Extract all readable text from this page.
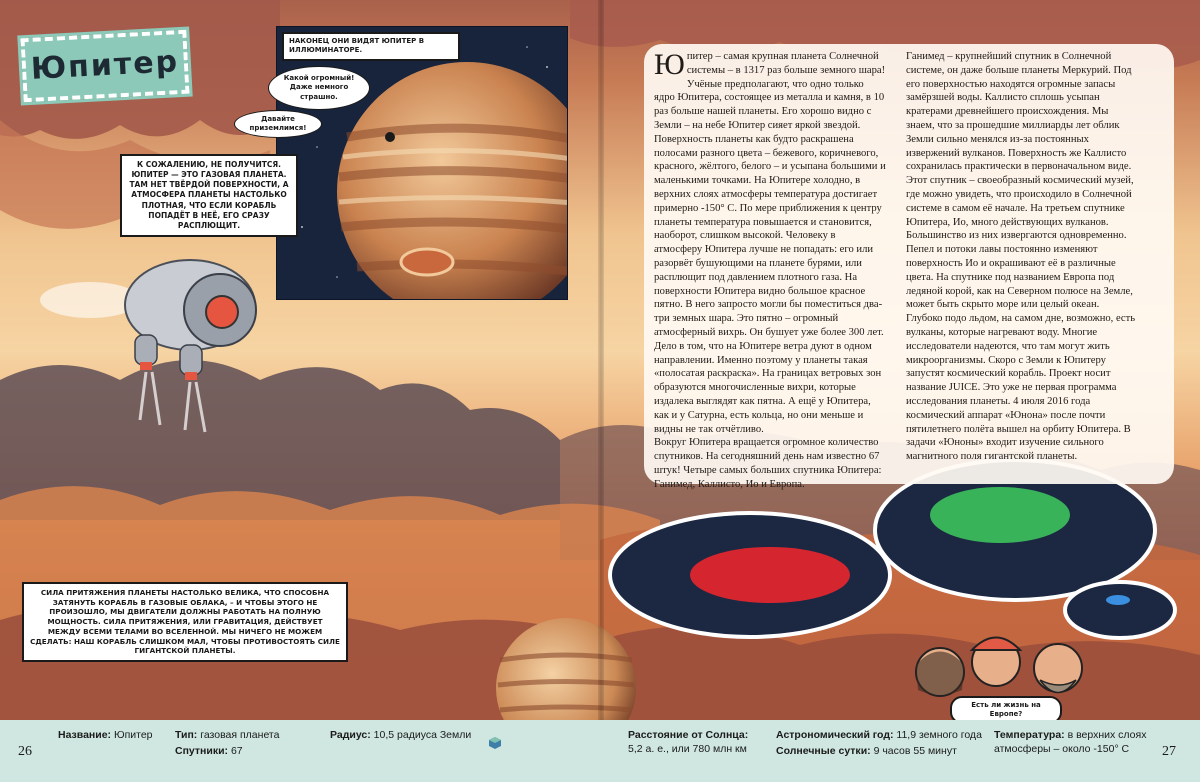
Юпитер
НАКОНЕЦ ОНИ ВИДЯТ ЮПИТЕР В ИЛЛЮМИНАТОРЕ.
Какой огромный! Даже немного страшно.
Давайте приземлимся!
К СОЖАЛЕНИЮ, НЕ ПОЛУЧИТСЯ. ЮПИТЕР — ЭТО ГАЗОВАЯ ПЛАНЕТА. ТАМ НЕТ ТВЁРДОЙ ПОВЕРХНОСТИ, А АТМОСФЕРА ПЛАНЕТЫ НАСТОЛЬКО ПЛОТНАЯ, ЧТО ЕСЛИ КОРАБЛЬ ПОПАДЁТ В НЕЁ, ЕГО СРАЗУ РАСПЛЮЩИТ.
СИЛА ПРИТЯЖЕНИЯ ПЛАНЕТЫ НАСТОЛЬКО ВЕЛИКА, ЧТО СПОСОБНА ЗАТЯНУТЬ КОРАБЛЬ В ГАЗОВЫЕ ОБЛАКА, – И ЧТОБЫ ЭТОГО НЕ ПРОИЗОШЛО, МЫ ДВИГАТЕЛИ ДОЛЖНЫ РАБОТАТЬ НА ПОЛНУЮ МОЩНОСТЬ. СИЛА ПРИТЯЖЕНИЯ, ИЛИ ГРАВИТАЦИЯ, ДЕЙСТВУЕТ МЕЖДУ ВСЕМИ ТЕЛАМИ ВО ВСЕЛЕННОЙ. МЫ НИЧЕГО НЕ МОЖЕМ СДЕЛАТЬ: НАШ КОРАБЛЬ СЛИШКОМ МАЛ, ЧТОБЫ ПРОТИВОСТОЯТЬ СИЛЕ ГИГАНТСКОЙ ПЛАНЕТЫ.
Есть ли жизнь на Европе?
Ю питер – самая крупная планета Солнечной системы – в 1317 раз больше земного шара! Учёные предполагают, что одно только ядро Юпитера, состоящее из металла и камня, в 10 раз больше нашей планеты. Его хорошо видно с Земли – на небе Юпитер сияет яркой звездой. Поверхность планеты как будто раскрашена полосами разного цвета – бежевого, коричневого, красного, жёлтого, белого – и усыпана большими и маленькими точками. На Юпитере холодно, в верхних слоях атмосферы температура достигает примерно -150° С. По мере приближения к центру планеты температура повышается и становится, наоборот, слишком высокой. Человеку в атмосферу Юпитера лучше не попадать: его или разорвёт бушующими на планете бурями, или расплющит под давлением плотного газа. На поверхности Юпитера видно большое красное пятно. В него запросто могли бы поместиться два-три земных шара. Это пятно – огромный атмосферный вихрь. Он бушует уже более 300 лет. Дело в том, что на Юпитере ветра дуют в одном направлении. Именно поэтому у планеты такая «полосатая раскраска». На границах ветровых зон образуются многочисленные вихри, которые издалека выглядят как пятна. А ещё у Юпитера, как и у Сатурна, есть кольца, но они меньше и видны не так отчётливо.

Вокруг Юпитера вращается огромное количество спутников. На сегодняшний день нам известно 67 штук! Четыре самых больших спутника Юпитера: Ганимед, Каллисто, Ио и Европа.

Ганимед – крупнейший спутник в Солнечной системе, он даже больше планеты Меркурий. Под его поверхностью находятся огромные запасы замёрзшей воды. Каллисто сплошь усыпан кратерами древнейшего происхождения. Мы знаем, что за прошедшие миллиарды лет облик Земли сильно менялся из-за постоянных извержений вулканов. Поверхность же Каллисто сохранилась практически в первоначальном виде. Этот спутник – своеобразный космический музей, где можно увидеть, что происходило в Солнечной системе в самом её начале. На третьем спутнике Юпитера, Ио, много действующих вулканов. Большинство из них извергаются одновременно. Пепел и потоки лавы постоянно изменяют поверхность Ио и окрашивают её в различные цвета. На спутнике под названием Европа под ледяной корой, как на Северном полюсе на Земле, может быть скрыто море или целый океан. Глубоко подо льдом, на самом дне, возможно, есть вулканы, которые нагревают воду. Многие исследователи надеются, что там могут жить микроорганизмы. Скоро с Земли к Юпитеру запустят космический корабль. Проект носит название JUICE. Это уже не первая программа исследования планеты. 4 июля 2016 года космический аппарат «Юнона» после почти пятилетнего полёта вышел на орбиту Юпитера. В задачи «Юноны» входит изучение сильного магнитного поля гигантской планеты.

26	27
Название: Юпитер Тип: газовая планета
Спутники: 67
Радиус: 10,5 радиуса Земли	Расстояние от Солнца:
5,2 а. е., или 780 млн км
Астрономический год: 11,9 земного года
Солнечные сутки: 9 часов 55 минут
Температура: в верхних слоях
атмосферы – около -150° С
